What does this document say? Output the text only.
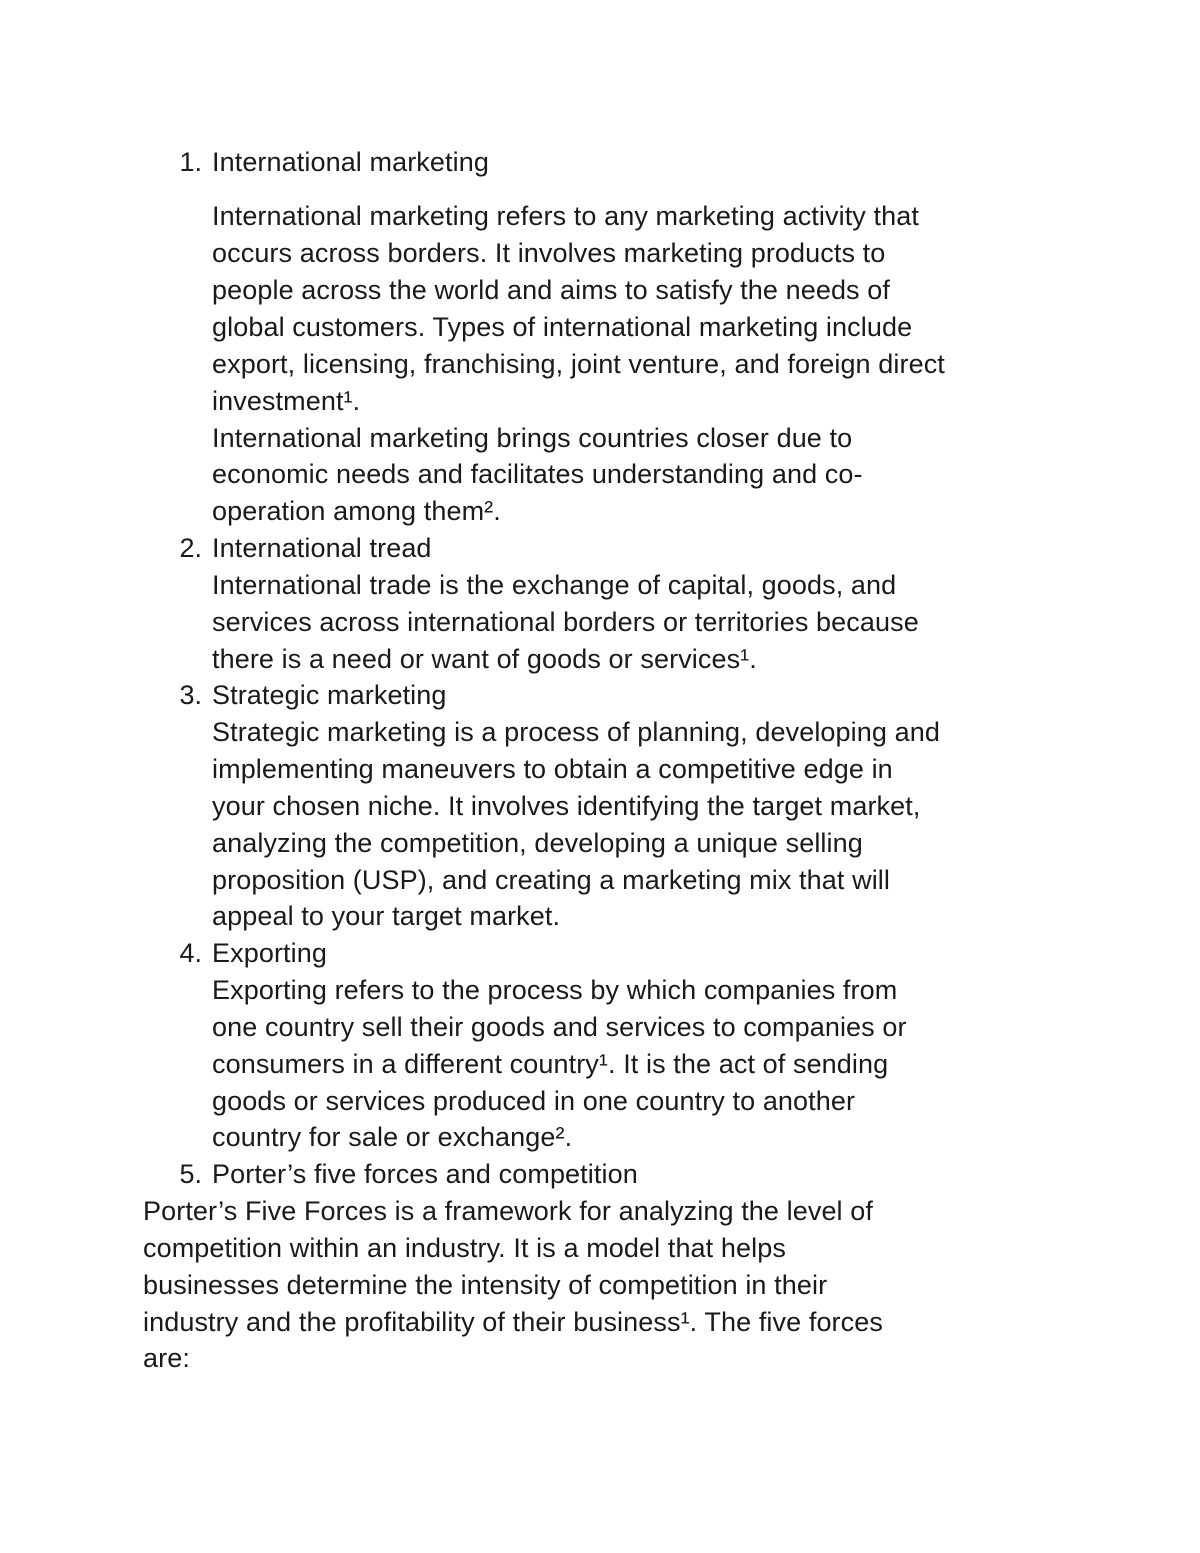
1. International marketing
International marketing refers to any marketing activity that
occurs across borders. It involves marketing products to
people across the world and aims to satisfy the needs of
global customers. Types of international marketing include
export, licensing, franchising, joint venture, and foreign direct
investment¹.
International marketing brings countries closer due to
economic needs and facilitates understanding and co-
operation among them².
2. International tread
International trade is the exchange of capital, goods, and
services across international borders or territories because
there is a need or want of goods or services¹.
3. Strategic marketing
Strategic marketing is a process of planning, developing and
implementing maneuvers to obtain a competitive edge in
your chosen niche. It involves identifying the target market,
analyzing the competition, developing a unique selling
proposition (USP), and creating a marketing mix that will
appeal to your target market.
4. Exporting
Exporting refers to the process by which companies from
one country sell their goods and services to companies or
consumers in a different country¹. It is the act of sending
goods or services produced in one country to another
country for sale or exchange².
5. Porter’s five forces and competition
Porter’s Five Forces is a framework for analyzing the level of
competition within an industry. It is a model that helps
businesses determine the intensity of competition in their
industry and the profitability of their business¹. The five forces
are:
